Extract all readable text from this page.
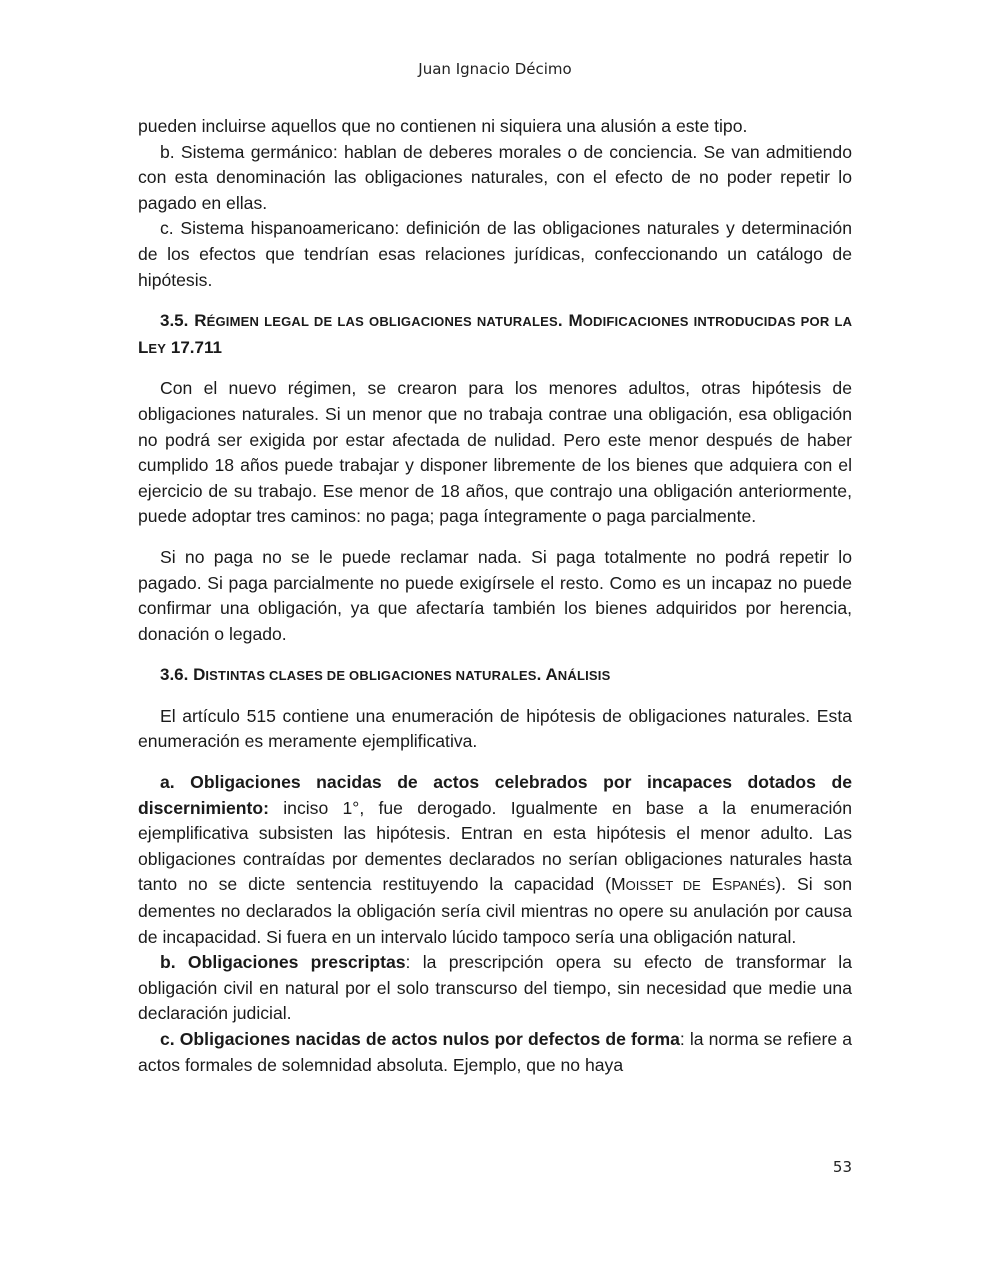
Juan Ignacio Décimo

pueden incluirse aquellos que no contienen ni siquiera una alusión a este tipo.

b. Sistema germánico: hablan de deberes morales o de conciencia. Se van admitiendo con esta denominación las obligaciones naturales, con el efecto de no poder repetir lo pagado en ellas.

c. Sistema hispanoamericano: definición de las obligaciones naturales y determinación de los efectos que tendrían esas relaciones jurídicas, confeccionando un catálogo de hipótesis.

3.5. RÉGIMEN LEGAL DE LAS OBLIGACIONES NATURALES. MODIFICACIONES INTRODUCIDAS POR LA LEY 17.711

Con el nuevo régimen, se crearon para los menores adultos, otras hipótesis de obligaciones naturales. Si un menor que no trabaja contrae una obligación, esa obligación no podrá ser exigida por estar afectada de nulidad. Pero este menor después de haber cumplido 18 años puede trabajar y disponer libremente de los bienes que adquiera con el ejercicio de su trabajo. Ese menor de 18 años, que contrajo una obligación anteriormente, puede adoptar tres caminos: no paga; paga íntegramente o paga parcialmente.

Si no paga no se le puede reclamar nada. Si paga totalmente no podrá repetir lo pagado. Si paga parcialmente no puede exigírsele el resto. Como es un incapaz no puede confirmar una obligación, ya que afectaría también los bienes adquiridos por herencia, donación o legado.

3.6. DISTINTAS CLASES DE OBLIGACIONES NATURALES. ANÁLISIS

El artículo 515 contiene una enumeración de hipótesis de obligaciones naturales. Esta enumeración es meramente ejemplificativa.

a. Obligaciones nacidas de actos celebrados por incapaces dotados de discernimiento: inciso 1°, fue derogado. Igualmente en base a la enumeración ejemplificativa subsisten las hipótesis. Entran en esta hipótesis el menor adulto. Las obligaciones contraídas por dementes declarados no serían obligaciones naturales hasta tanto no se dicte sentencia restituyendo la capacidad (MOISSET DE ESPANÉS). Si son dementes no declarados la obligación sería civil mientras no opere su anulación por causa de incapacidad. Si fuera en un intervalo lúcido tampoco sería una obligación natural.

b. Obligaciones prescriptas: la prescripción opera su efecto de transformar la obligación civil en natural por el solo transcurso del tiempo, sin necesidad que medie una declaración judicial.

c. Obligaciones nacidas de actos nulos por defectos de forma: la norma se refiere a actos formales de solemnidad absoluta. Ejemplo, que no haya

53
